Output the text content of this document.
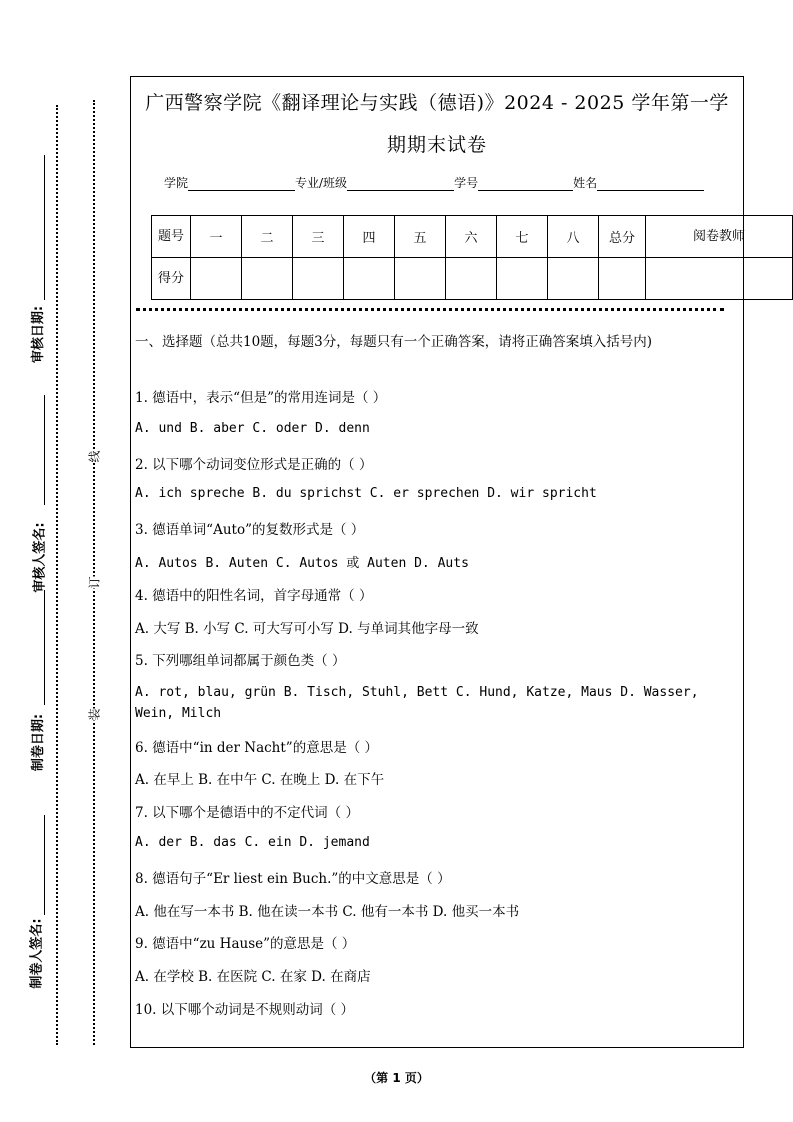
审核日期:
审核人签名:
制卷日期:
制卷人签名:
线
订
装
广西警察学院《翻译理论与实践（德语)》2024 - 2025 学年第一学
期期末试卷
学院	专业/班级	学号	姓名
题号	一	二	三	四	五	六	七	八	总分	阅卷教师
得分										
一、选择题（总共10题，每题3分，每题只有一个正确答案，请将正确答案填入括号内)
1. 德语中，表示“但是”的常用连词是（ ）
A. und B. aber C. oder D. denn
2. 以下哪个动词变位形式是正确的（ ）
A. ich spreche B. du sprichst C. er sprechen D. wir spricht
3. 德语单词“Auto”的复数形式是（ ）
A. Autos B. Auten C. Autos 或 Auten D. Auts
4. 德语中的阳性名词，首字母通常（ ）
A. 大写 B. 小写 C. 可大写可小写 D. 与单词其他字母一致
5. 下列哪组单词都属于颜色类（ ）
A. rot, blau, grün B. Tisch, Stuhl, Bett C. Hund, Katze, Maus D. Wasser, Wein, Milch
6. 德语中“in der Nacht”的意思是（ ）
A. 在早上 B. 在中午 C. 在晚上 D. 在下午
7. 以下哪个是德语中的不定代词（ ）
A. der B. das C. ein D. jemand
8. 德语句子“Er liest ein Buch.”的中文意思是（ ）
A. 他在写一本书 B. 他在读一本书 C. 他有一本书 D. 他买一本书
9. 德语中“zu Hause”的意思是（ ）
A. 在学校 B. 在医院 C. 在家 D. 在商店
10. 以下哪个动词是不规则动词（ ）
（第 1 页）
